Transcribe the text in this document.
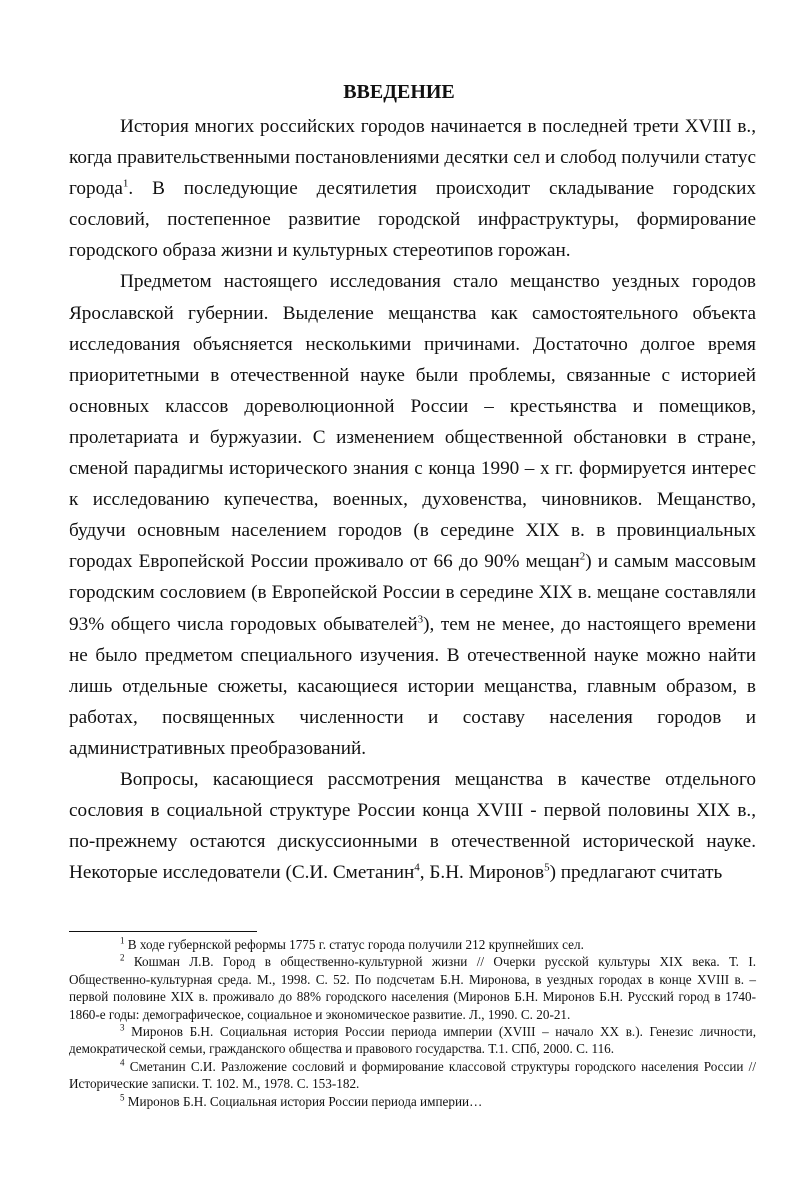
ВВЕДЕНИЕ

История многих российских городов начинается в последней трети XVIII в., когда правительственными постановлениями десятки сел и слобод получили статус города$^1$. В последующие десятилетия происходит складывание городских сословий, постепенное развитие городской инфраструктуры, формирование городского образа жизни и культурных стереотипов горожан.

Предметом настоящего исследования стало мещанство уездных городов Ярославской губернии. Выделение мещанства как самостоятельного объекта исследования объясняется несколькими причинами. Достаточно долгое время приоритетными в отечественной науке были проблемы, связанные с историей основных классов дореволюционной России – крестьянства и помещиков, пролетариата и буржуазии. С изменением общественной обстановки в стране, сменой парадигмы исторического знания с конца 1990 – х гг. формируется интерес к исследованию купечества, военных, духовенства, чиновников. Мещанство, будучи основным населением городов (в середине XIX в. в провинциальных городах Европейской России проживало от 66 до 90% мещан$^2$) и самым массовым городским сословием (в Европейской России в середине XIX в. мещане составляли 93% общего числа городовых обывателей$^3$), тем не менее, до настоящего времени не было предметом специального изучения. В отечественной науке можно найти лишь отдельные сюжеты, касающиеся истории мещанства, главным образом, в работах, посвященных численности и составу населения городов и административных преобразований.

Вопросы, касающиеся рассмотрения мещанства в качестве отдельного сословия в социальной структуре России конца XVIII - первой половины XIX в., по-прежнему остаются дискуссионными в отечественной исторической науке. Некоторые исследователи (С.И. Сметанин$^4$, Б.Н. Миронов$^5$) предлагают считать

$^1$ В ходе губернской реформы 1775 г. статус города получили 212 крупнейших сел.

$^2$ Кошман Л.В. Город в общественно-культурной жизни // Очерки русской культуры XIX века. Т. I. Общественно-культурная среда. М., 1998. С. 52. По подсчетам Б.Н. Миронова, в уездных городах в конце XVIII в. – первой половине XIX в. проживало до 88% городского населения (Миронов Б.Н. Миронов Б.Н. Русский город в 1740-1860-е годы: демографическое, социальное и экономическое развитие. Л., 1990. С. 20-21.

$^3$ Миронов Б.Н. Социальная история России периода империи (XVIII – начало XX в.). Генезис личности, демократической семьи, гражданского общества и правового государства. Т.1. СПб, 2000. С. 116.

$^4$ Сметанин С.И. Разложение сословий и формирование классовой структуры городского населения России // Исторические записки. Т. 102. М., 1978. С. 153-182.

$^5$ Миронов Б.Н. Социальная история России периода империи…
